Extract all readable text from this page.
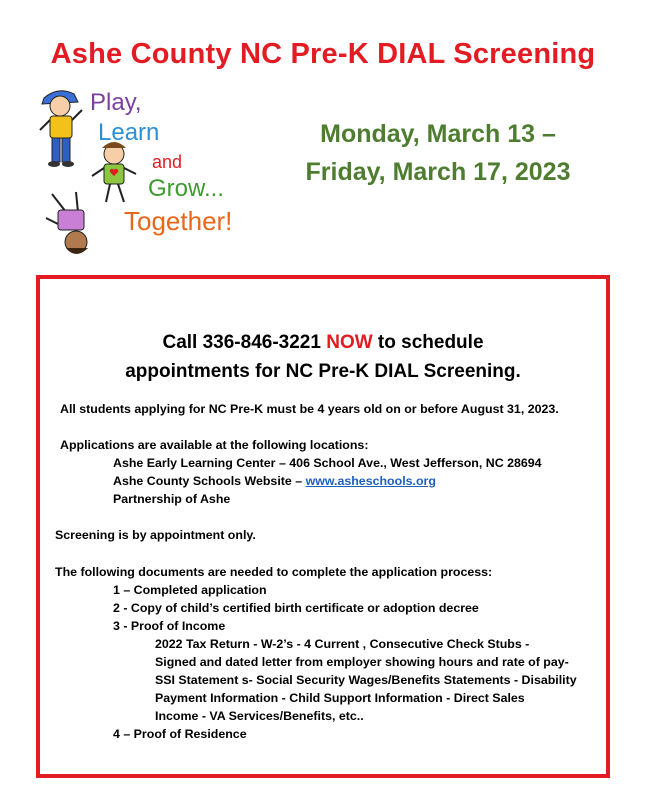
Ashe County NC Pre-K DIAL Screening
Play,
Learn
and
Grow...
Together!
Monday, March 13 –
Friday, March 17, 2023
Call 336-846-3221 NOW to schedule
appointments for NC Pre-K DIAL Screening.
All students applying for NC Pre-K must be 4 years old on or before August 31, 2023.
Applications are available at the following locations:
Ashe Early Learning Center – 406 School Ave., West Jefferson, NC 28694
Ashe County Schools Website – www.asheschools.org
Partnership of Ashe
Screening is by appointment only.
The following documents are needed to complete the application process:
1 – Completed application
2 - Copy of child’s certified birth certificate or adoption decree
3 - Proof of Income
2022 Tax Return - W-2’s - 4 Current , Consecutive Check Stubs -
Signed and dated letter from employer showing hours and rate of pay-
SSI Statement s- Social Security Wages/Benefits Statements - Disability
Payment Information - Child Support Information - Direct Sales
Income - VA Services/Benefits, etc..
4 – Proof of Residence
